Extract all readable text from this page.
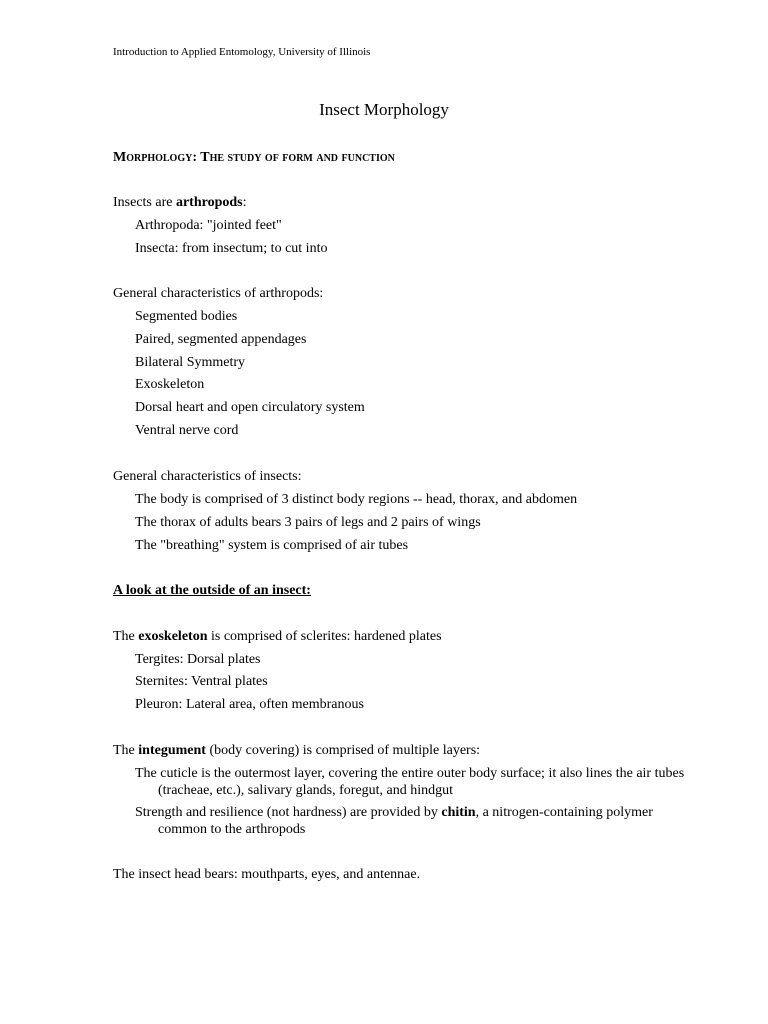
Introduction to Applied Entomology, University of Illinois
Insect Morphology
Morphology: The study of form and function
Insects are arthropods:
Arthropoda: "jointed feet"
Insecta: from insectum; to cut into
General characteristics of arthropods:
Segmented bodies
Paired, segmented appendages
Bilateral Symmetry
Exoskeleton
Dorsal heart and open circulatory system
Ventral nerve cord
General characteristics of insects:
The body is comprised of 3 distinct body regions -- head, thorax, and abdomen
The thorax of adults bears 3 pairs of legs and 2 pairs of wings
The "breathing" system is comprised of air tubes
A look at the outside of an insect:
The exoskeleton is comprised of sclerites: hardened plates
Tergites: Dorsal plates
Sternites: Ventral plates
Pleuron: Lateral area, often membranous
The integument (body covering) is comprised of multiple layers:
The cuticle is the outermost layer, covering the entire outer body surface; it also lines the air tubes (tracheae, etc.), salivary glands, foregut, and hindgut
Strength and resilience (not hardness) are provided by chitin, a nitrogen-containing polymer common to the arthropods
The insect head bears: mouthparts, eyes, and antennae.
